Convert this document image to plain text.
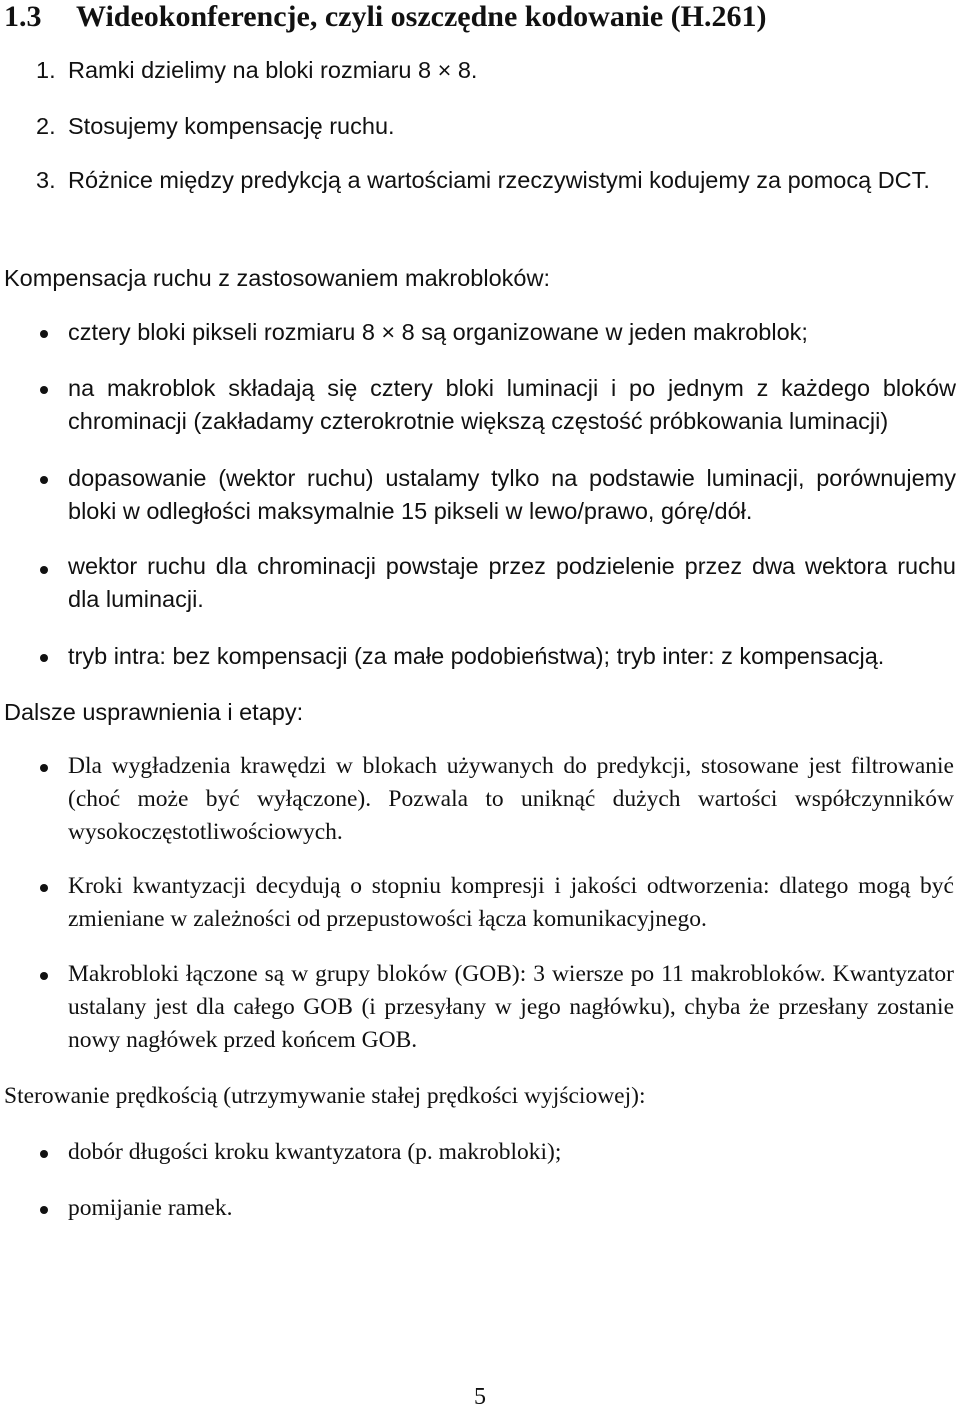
1.3 Wideokonferencje, czyli oszczędne kodowanie (H.261)
1. Ramki dzielimy na bloki rozmiaru 8 × 8.
2. Stosujemy kompensację ruchu.
3. Różnice między predykcją a wartościami rzeczywistymi kodujemy za pomocą DCT.
Kompensacja ruchu z zastosowaniem makrobloków:
cztery bloki pikseli rozmiaru 8 × 8 są organizowane w jeden makroblok;
na makroblok składają się cztery bloki luminacji i po jednym z każdego bloków chrominacji (zakładamy czterokrotnie większą częstość próbkowania luminacji)
dopasowanie (wektor ruchu) ustalamy tylko na podstawie luminacji, porównujemy bloki w odległości maksymalnie 15 pikseli w lewo/prawo, górę/dół.
wektor ruchu dla chrominacji powstaje przez podzielenie przez dwa wektora ruchu dla luminacji.
tryb intra: bez kompensacji (za małe podobieństwa); tryb inter: z kompensacją.
Dalsze usprawnienia i etapy:
Dla wygładzenia krawędzi w blokach używanych do predykcji, stosowane jest filtrowanie (choć może być wyłączone). Pozwala to uniknąć dużych wartości współczynników wysokoczęstotliwościowych.
Kroki kwantyzacji decydują o stopniu kompresji i jakości odtworzenia: dlatego mogą być zmieniane w zależności od przepustowości łącza komunikacyjnego.
Makrobloki łączone są w grupy bloków (GOB): 3 wiersze po 11 makrobloków. Kwantyzator ustalany jest dla całego GOB (i przesyłany w jego nagłówku), chyba że przesłany zostanie nowy nagłówek przed końcem GOB.
Sterowanie prędkością (utrzymywanie stałej prędkości wyjściowej):
dobór długości kroku kwantyzatora (p. makrobloki);
pomijanie ramek.
5
